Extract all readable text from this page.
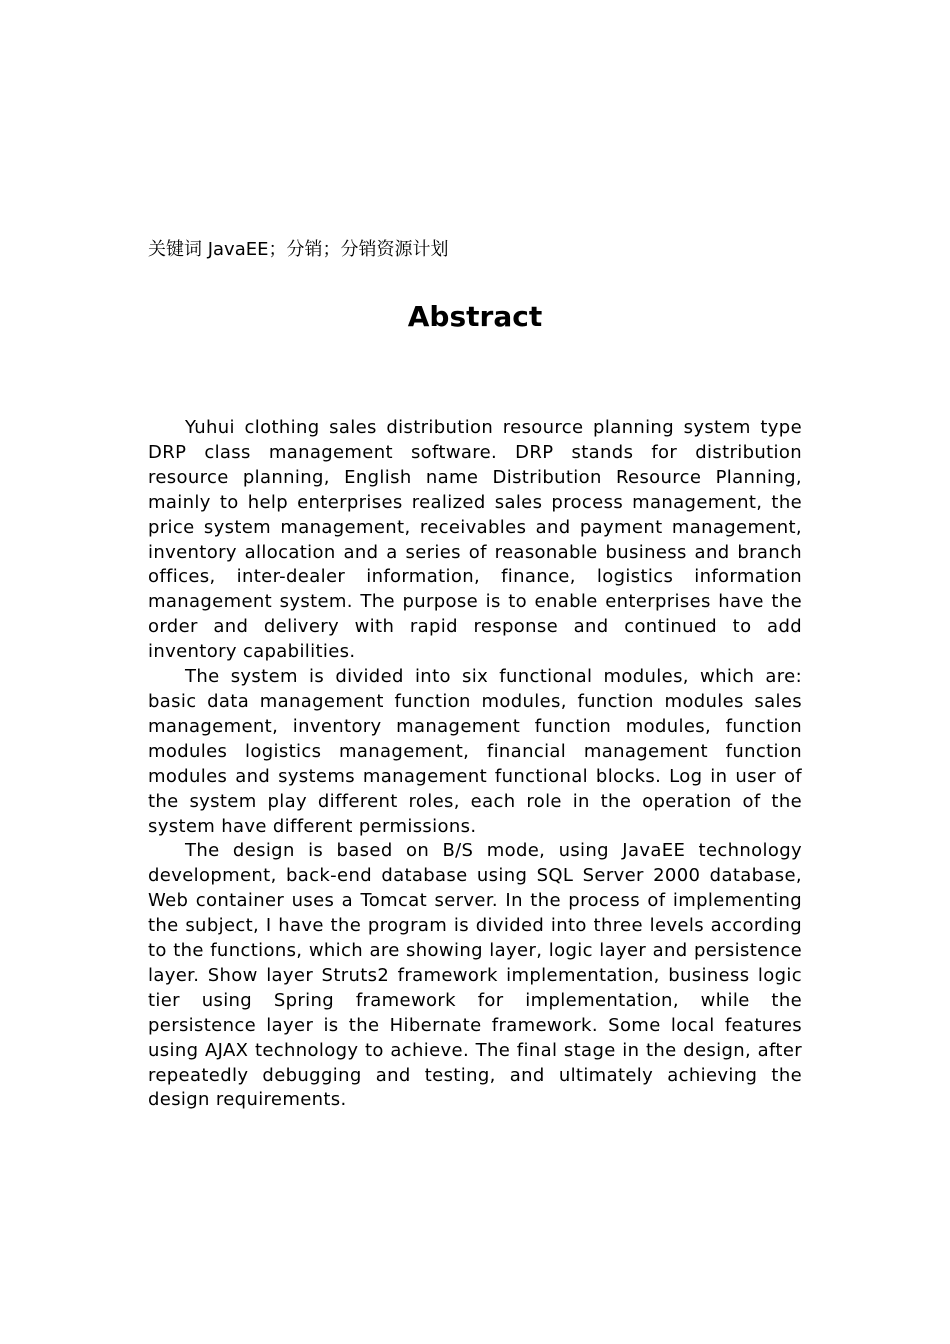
关键词 JavaEE；分销；分销资源计划
Abstract

Yuhui clothing sales distribution resource planning system type DRP class management software. DRP stands for distribution resource planning, English name Distribution Resource Planning, mainly to help enterprises realized sales process management, the price system management, receivables and payment management, inventory allocation and a series of reasonable business and branch offices, inter-dealer information, finance, logistics information management system. The purpose is to enable enterprises have the order and delivery with rapid response and continued to add inventory capabilities.

The system is divided into six functional modules, which are: basic data management function modules, function modules sales management, inventory management function modules, function modules logistics management, financial management function modules and systems management functional blocks. Log in user of the system play different roles, each role in the operation of the system have different permissions.

The design is based on B/S mode, using JavaEE technology development, back-end database using SQL Server 2000 database, Web container uses a Tomcat server. In the process of implementing the subject, I have the program is divided into three levels according to the functions, which are showing layer, logic layer and persistence layer. Show layer Struts2 framework implementation, business logic tier using Spring framework for implementation, while the persistence layer is the Hibernate framework. Some local features using AJAX technology to achieve. The final stage in the design, after repeatedly debugging and testing, and ultimately achieving the design requirements.
